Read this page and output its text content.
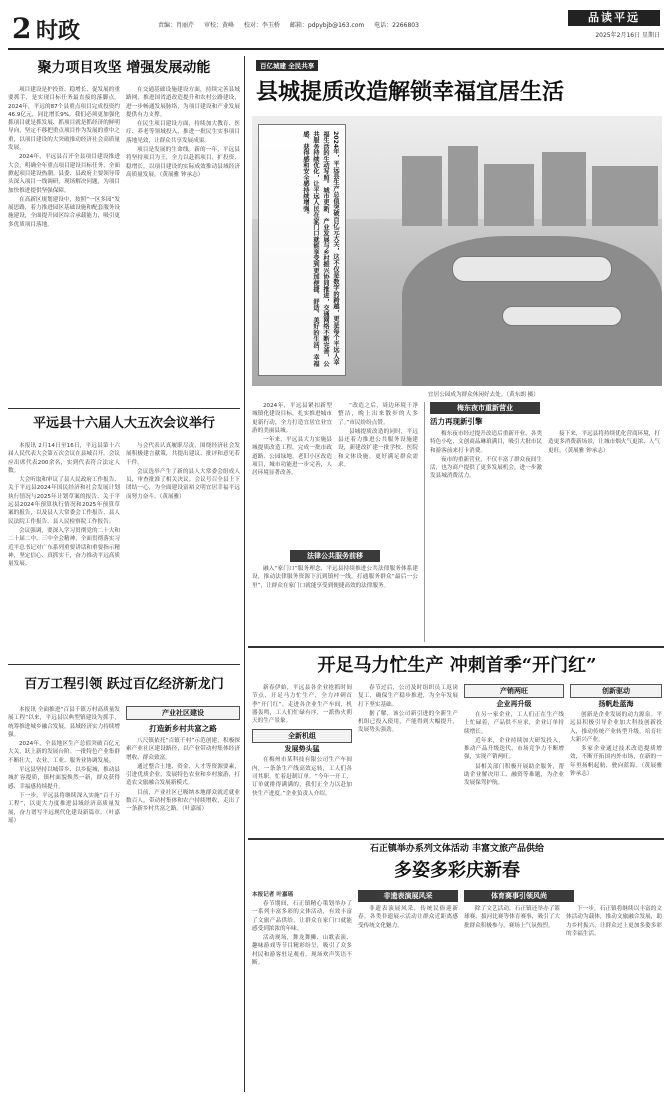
2 时政	责编：肖丽芹 审校：黄峰 校对：李玉桥 邮箱：pdpybjb@163.com 电话：2266803
品读平远
2025年2月16日 星期日
聚力项目攻坚 增强发展动能

项目建设是护投资、稳增长、促发展的重要抓手，是实现目标任务最直接的落脚点。2024年，平远的87个县重点项目完成投资约46.9亿元，同比增长9%。我们必须更加强化抓项目就是抓发展、抓项目就是抓经济的鲜明导向，坚定不移把重点项目作为发展的重中之重，以项目建设的大突破推动经济社会高质量发展。

2024年，平远县召开全县项目建设推进大会，明确全年重点项目建设目标任务，全面掀起项目建设热潮。县委、县政府主要领导带头深入项目一线调研，现场解决问题，为项目加快推进提供坚强保障。

在高新区规划建设中，按照“一区多园”发展思路，着力推进园区基础设施和配套服务设施建设，全面提升园区综合承载能力，吸引更多优质项目落地。

在交通基础设施建设方面，持续完善县域路网，推进国省道改造提升和农村公路建设，进一步畅通发展脉络，为项目建设和产业发展提供有力支撑。

在民生项目建设方面，持续加大教育、医疗、养老等领域投入，推进一批民生实事项目落地见效，让群众共享发展成果。

项目是发展的生命线。新的一年，平远县将坚持项目为王，全力以赴抓项目、扩投资、稳增长，以项目建设的实际成效推动县域经济高质量发展。（黄展雅 钟承志）

平远县十六届人大五次会议举行

本报讯 2月14日至16日，平远县第十六届人民代表大会第五次会议在县城召开。会议应出席代表200余名，实到代表符合法定人数。

大会听取和审议了县人民政府工作报告、关于平远县2024年国民经济和社会发展计划执行情况与2025年计划草案的报告、关于平远县2024年预算执行情况和2025年预算草案的报告，以及县人大常委会工作报告、县人民法院工作报告、县人民检察院工作报告。

会议强调，要深入学习贯彻党的二十大和二十届二中、三中全会精神，全面贯彻落实习近平总书记对广东系列重要讲话和重要指示精神，坚定信心、真抓实干，奋力推动平远高质量发展。

与会代表认真履职尽责，围绕经济社会发展积极建言献策，共提出建议、批评和意见若干件。

会议选举产生了新的县人大常委会组成人员，审查批准了相关决议。会议号召全县上下团结一心，为全面建设富裕文明宜居幸福平远而努力奋斗。（黄展雅）

百万工程引领 跃过百亿经济新龙门

本报讯 全面推进“百县千镇万村高质量发展工程”以来，平远县以典型镇建设为抓手，统筹推进城乡融合发展，县域经济实力持续增强。

2024年，全县地区生产总值突破百亿元大关，跃上新的发展台阶。一批特色产业集群不断壮大，农业、工业、服务业协调发展。

平远县坚持以城带乡、以乡促城，推动县城扩容提质，镇村面貌焕然一新，群众获得感、幸福感持续提升。

下一步，平远县将继续深入实施“百千万工程”，以更大力度推进县域经济高质量发展，奋力谱写平远现代化建设新篇章。（叶嘉瑶）

产业社区建设
打造新乡村共富之路

八尺镇依托“百镇千村”示范创建，积极探索产业社区建设路径，以产业带动村集体经济增收、群众致富。

通过整合土地、资金、人才等资源要素，引进优质企业，发展特色农业和乡村旅游，打造农文旅融合发展新模式。

目前，产业社区已吸纳本地群众就近就业数百人，带动村集体和农户持续增收，走出了一条新乡村共富之路。（叶嘉瑶）

百亿城建 全民共享
县城提质改造解锁幸福宜居生活
2024年，平远县生产总值突破百亿元大关，这不仅是数字的跨越，更是每个平远人幸福生活的生动写照。城市更新、产业发展与乡村振兴协同推进，交通网络不断完善，公共服务持续优化，让平远人民在家门口就能享受到更加便捷、舒适、美好的生活，幸福感、获得感和安全感持续增强。
宜居公园成为群众休闲好去处。（黄东朗 摄）

2024年，平远县紧扣新型城镇化建设目标，扎实推进城市更新行动，全力打造宜居宜业宜游的美丽县城。

一年来，平远县大力实施县城提质改造工程，完成一批市政道路、公园绿地、老旧小区改造项目，城市功能进一步完善，人居环境显著改善。

“改造之后，周边环境干净整洁，晚上出来散步的人多了。”市民纷纷点赞。

县城提质改造的同时，平远县还着力推进公共服务设施建设，新建改扩建一批学校、医院和文体设施，更好满足群众需求。

法律公共服务前移

融入“家门口”服务理念，平远县持续推进公共法律服务体系建设，推动法律服务资源下沉到镇村一线，打通服务群众“最后一公里”，让群众在家门口就能享受到便捷高效的法律服务。

梅东夜市重新营业
活力再现新引擎

梅东夜市经过提升改造后重新开业，各类特色小吃、文创商品琳琅满目，吸引大批市民和游客前来打卡消费。

夜市的重新营业，不仅丰富了群众夜间生活，也为商户提供了更多发展机会，进一步激发县城消费活力。

接下来，平远县将持续优化营商环境，打造更多消费新场景，让城市烟火气更浓、人气更旺。（黄展雅 钟承志）

开足马力忙生产 冲刺首季“开门红”

新春伊始，平远县各企业抢抓时间节点，开足马力忙生产，全力冲刺首季“开门红”。走进各企业生产车间，机器轰鸣，工人们忙碌有序，一派热火朝天的生产景象。

全新机组
发展势头猛

在梅州市某科技有限公司生产车间内，一条条生产线高效运转，工人们各司其职，忙着赶制订单。“今年一开工，订单就排得满满的，我们正全力以赴加快生产进度。”企业负责人介绍。

春节过后，公司及时组织员工返岗复工，确保生产稳步推进，为全年发展打下坚实基础。

据了解，该公司新引进的全新生产机组已投入使用，产能得到大幅提升，发展势头强劲。

产销两旺
企业再升级

在另一家企业，工人们正在生产线上忙碌着，产品供不应求，企业订单持续增长。

近年来，企业持续加大研发投入，推动产品升级迭代，市场竞争力不断增强，实现产销两旺。

县相关部门积极开展助企服务，帮助企业解决用工、融资等难题，为企业发展保驾护航。

创新驱动
扬帆赴蓝海

创新是企业发展的动力源泉。平远县积极引导企业加大科技创新投入，推动传统产业转型升级，培育壮大新兴产业。

多家企业通过技术改造提质增效，不断开拓国内外市场，在新的一年里扬帆起航、驶向蓝海。（黄展雅 钟承志）

石正镇举办系列文体活动 丰富文旅产品供给
多姿多彩庆新春
本报记者 叶嘉瑶

春节期间，石正镇精心策划举办了一系列丰富多彩的文体活动，有效丰富了文旅产品供给，让群众在家门口就能感受到浓浓的年味。

活动现场，舞龙舞狮、山歌表演、趣味游戏等节目精彩纷呈，吸引了众多村民和游客驻足观看，现场欢声笑语不断。

非遗表演展风采

非遗表演展风采，传统民俗迎新春。各类非遗展示活动让群众近距离感受传统文化魅力。

体育赛事引领风尚

除了文艺活动，石正镇还举办了篮球赛、拔河比赛等体育赛事，吸引了大批群众积极参与，赛场上气氛热烈。

下一步，石正镇将继续以丰富的文体活动为载体，推动文旅融合发展，助力乡村振兴，让群众过上更加多姿多彩的幸福生活。
